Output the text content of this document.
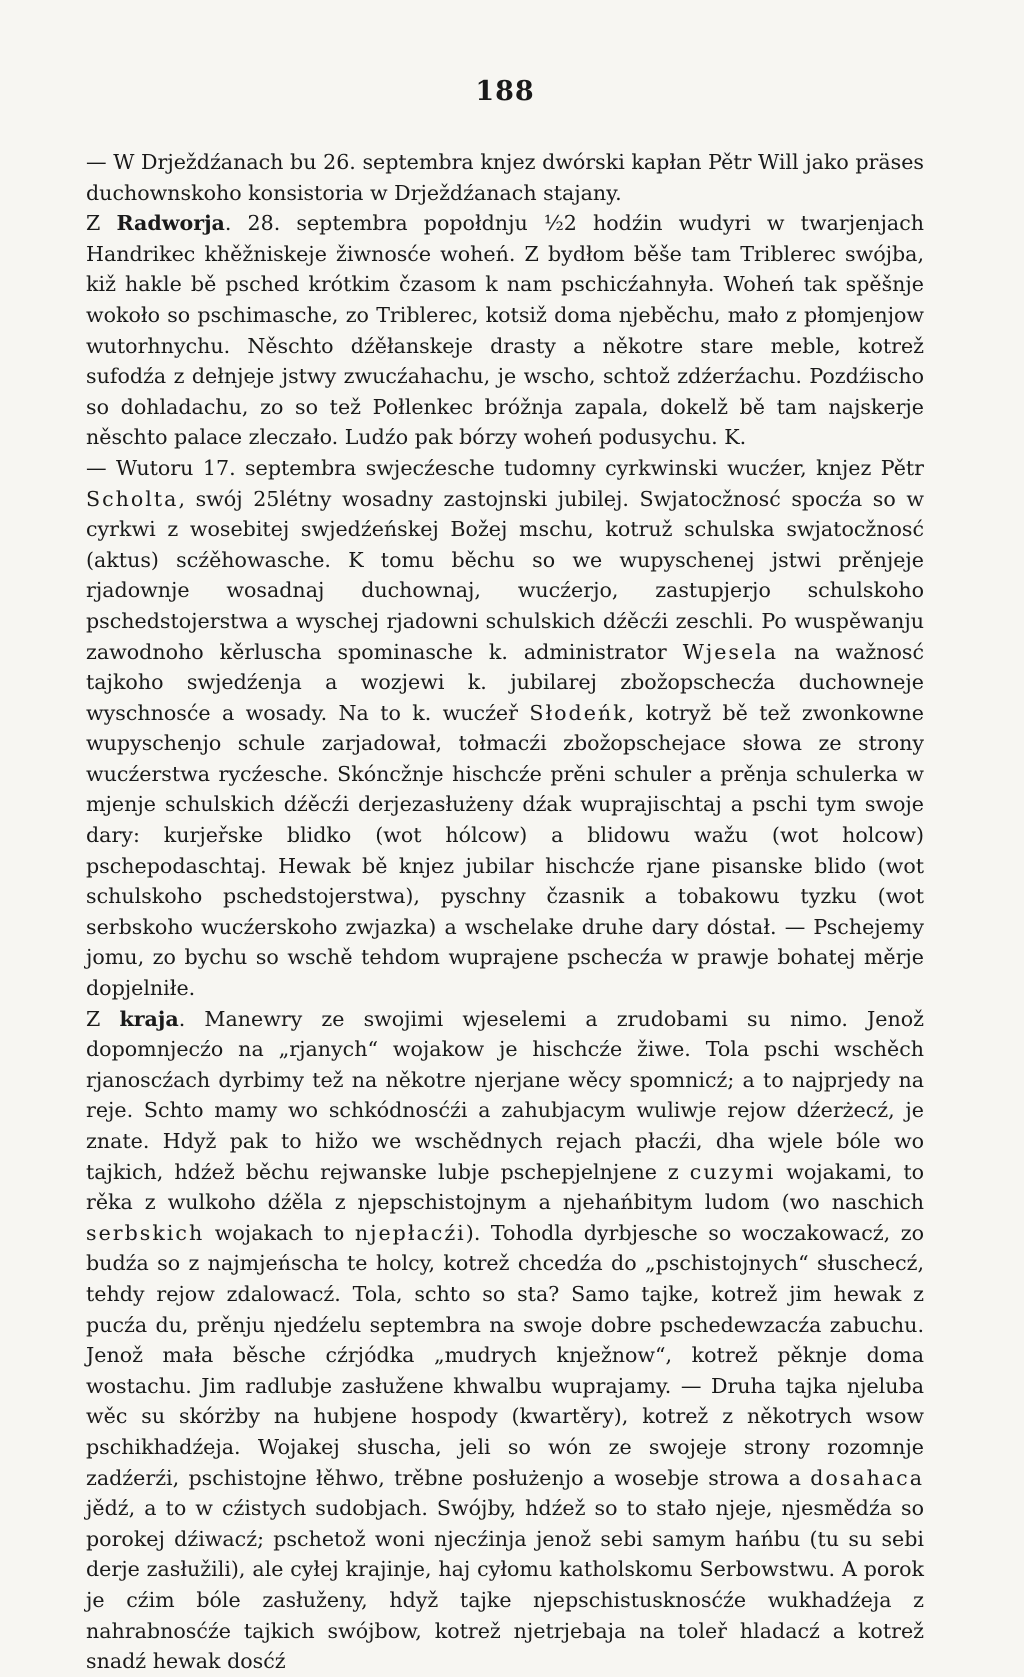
188

— W Drježdźanach bu 26. septembra knjez dwórski kapłan Pětr Will jako präses duchownskoho konsistoria w Drježdźanach stajany.

Z Radworja. 28. septembra popołdnju ½2 hodźin wudyri w twarjenjach Handrikec khěžniskeje žiwnosće woheń. Z bydłom běše tam Triblerec swójba, kiž hakle bě psched krótkim čzasom k nam pschicźahnyła. Woheń tak spěšnje wokoło so pschimasche, zo Triblerec, kotsiž doma njeběchu, mało z płomjenjow wutorhnychu. Něschto dźěłanskeje drasty a někotre stare meble, kotrež sufodźa z dełnjeje jstwy zwucźahachu, je wscho, schtož zdźerźachu. Pozdźischo so dohladachu, zo so tež Połlenkec bróžnja zapala, dokelž bě tam najskerje něschto palace zleczało. Ludźo pak bórzy woheń podusychu. K.

— Wutoru 17. septembra swjecźesche tudomny cyrkwinski wucźer, knjez Pětr Scholta, swój 25létny wosadny zastojnski jubilej. Swjatocžnosć spocźa so w cyrkwi z wosebitej swjedźeńskej Božej mschu, kotruž schulska swjatocžnosć (aktus) scźěhowasche. K tomu běchu so we wupyschenej jstwi prěnjeje rjadownje wosadnaj duchownaj, wucźerjo, zastupjerjo schulskoho pschedstojerstwa a wyschej rjadowni schulskich dźěcźi zeschli. Po wuspěwanju zawodnoho kěrluscha spominasche k. administrator Wjesela na wažnosć tajkoho swjedźenja a wozjewi k. jubilarej zbožopschecźa duchowneje wyschnosće a wosady. Na to k. wucźeř Słodeńk, kotryž bě tež zwonkowne wupyschenjo schule zarjadował, tołmacźi zbožopschejace słowa ze strony wucźerstwa rycźesche. Skóncžnje hischcźe prěni schuler a prěnja schulerka w mjenje schulskich dźěcźi derjezasłużeny dźak wuprajischtaj a pschi tym swoje dary: kurjeřske blidko (wot hólcow) a blidowu wažu (wot holcow) pschepodaschtaj. Hewak bě knjez jubilar hischcźe rjane pisanske blido (wot schulskoho pschedstojerstwa), pyschny čzasnik a tobakowu tyzku (wot serbskoho wucźerskoho zwjazka) a wschelake druhe dary dóstał. — Pschejemy jomu, zo bychu so wschě tehdom wuprajene pschecźa w prawje bohatej měrje dopjelniłe.

Z kraja. Manewry ze swojimi wjeselemi a zrudobami su nimo. Jenož dopomnjecźo na „rjanych“ wojakow je hischcźe žiwe. Tola pschi wschěch rjanoscźach dyrbimy tež na někotre njerjane wěcy spomnicź; a to najprjedy na reje. Schto mamy wo schkódnosćźi a zahubjacym wuliwje rejow dźerżecź, je znate. Hdyž pak to hižo we wschědnych rejach płacźi, dha wjele bóle wo tajkich, hdźež běchu rejwanske lubje pschepjelnjene z cuzymi wojakami, to rěka z wulkoho dźěla z njepschistojnym a njehańbitym ludom (wo naschich serbskich wojakach to njepłacźi). Tohodla dyrbjesche so woczakowacź, zo budźa so z najmjeńscha te holcy, kotrež chcedźa do „pschistojnych“ słuschecź, tehdy rejow zdalowacź. Tola, schto so sta? Samo tajke, kotrež jim hewak z pucźa du, prěnju njedźelu septembra na swoje dobre pschedewzacźa zabuchu. Jenož mała běsche cźrjódka „mudrych knježnow“, kotrež pěknje doma wostachu. Jim radlubje zasłužene khwalbu wuprajamy. — Druha tajka njeluba wěc su skórżby na hubjene hospody (kwartěry), kotrež z někotrych wsow pschikhadźeja. Wojakej słuscha, jeli so wón ze swojeje strony rozomnje zadźerźi, pschistojne łěhwo, trěbne posłużenjo a wosebje strowa a dosahaca jědź, a to w cźistych sudobjach. Swójby, hdźež so to stało njeje, njesmědźa so porokej dźiwacź; pschetož woni njecźinja jenož sebi samym hańbu (tu su sebi derje zasłužili), ale cyłej krajinje, haj cyłomu katholskomu Serbowstwu. A porok je cźim bóle zasłuženy, hdyž tajke njepschistusknosćźe wukhadźeja z nahrabnosćźe tajkich swójbow, kotrež njetrjebaja na toleř hladacź a kotrež snadź hewak dosćź
